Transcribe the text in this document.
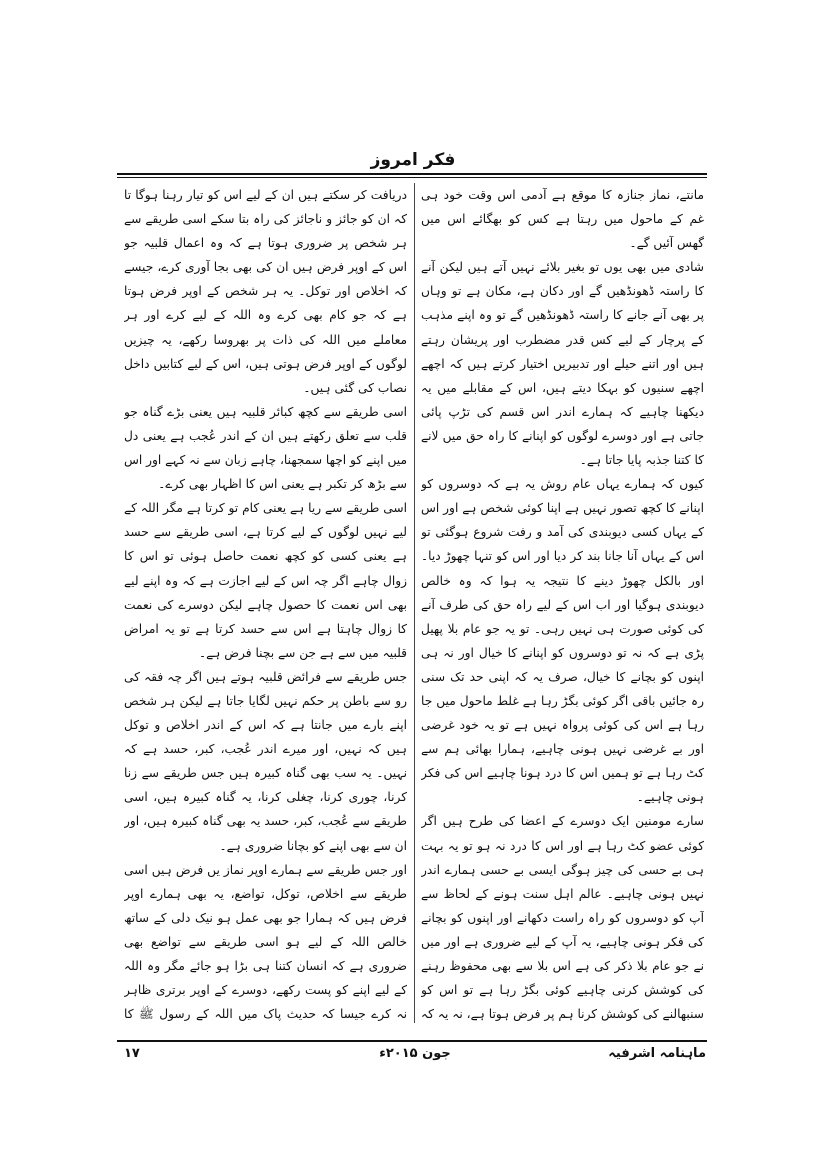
فکر امروز

مانتے، نماز جنازہ کا موقع ہے آدمی اس وقت خود ہی غم کے ماحول میں رہتا ہے کس کو بھگائے اس میں گھس آئیں گے۔

شادی میں بھی یوں تو بغیر بلائے نہیں آتے ہیں لیکن آنے کا راستہ ڈھونڈھیں گے اور دکان ہے، مکان ہے تو وہاں پر بھی آنے جانے کا راستہ ڈھونڈھیں گے تو وہ اپنے مذہب کے پرچار کے لیے کس قدر مضطرب اور پریشان رہتے ہیں اور اتنے حیلے اور تدبیریں اختیار کرتے ہیں کہ اچھے اچھے سنیوں کو بہکا دیتے ہیں، اس کے مقابلے میں یہ دیکھنا چاہیے کہ ہمارے اندر اس قسم کی تڑپ پائی جاتی ہے اور دوسرے لوگوں کو اپنانے کا راہ حق میں لانے کا کتنا جذبہ پایا جاتا ہے۔

کیوں کہ ہمارے یہاں عام روش یہ ہے کہ دوسروں کو اپنانے کا کچھ تصور نہیں ہے اپنا کوئی شخص ہے اور اس کے یہاں کسی دیوبندی کی آمد و رفت شروع ہوگئی تو اس کے یہاں آنا جانا بند کر دیا اور اس کو تنہا چھوڑ دیا۔ اور بالکل چھوڑ دینے کا نتیجہ یہ ہوا کہ وہ خالص دیوبندی ہوگیا اور اب اس کے لیے راہ حق کی طرف آنے کی کوئی صورت ہی نہیں رہی۔ تو یہ جو عام بلا پھیل پڑی ہے کہ نہ تو دوسروں کو اپنانے کا خیال اور نہ ہی اپنوں کو بچانے کا خیال، صرف یہ کہ اپنی حد تک سنی رہ جائیں باقی اگر کوئی بگڑ رہا ہے غلط ماحول میں جا رہا ہے اس کی کوئی پرواہ نہیں ہے تو یہ خود غرضی اور بے غرضی نہیں ہونی چاہیے، ہمارا بھائی ہم سے کٹ رہا ہے تو ہمیں اس کا درد ہونا چاہیے اس کی فکر ہونی چاہیے۔

سارے مومنین ایک دوسرے کے اعضا کی طرح ہیں اگر کوئی عضو کٹ رہا ہے اور اس کا درد نہ ہو تو یہ بہت ہی بے حسی کی چیز ہوگی ایسی بے حسی ہمارے اندر نہیں ہونی چاہیے۔ عالم اہل سنت ہونے کے لحاظ سے آپ کو دوسروں کو راہ راست دکھانے اور اپنوں کو بچانے کی فکر ہونی چاہیے، یہ آپ کے لیے ضروری ہے اور میں نے جو عام بلا ذکر کی ہے اس بلا سے بھی محفوظ رہنے کی کوشش کرنی چاہیے کوئی بگڑ رہا ہے تو اس کو سنبھالنے کی کوشش کرنا ہم پر فرض ہوتا ہے، نہ یہ کہ

دریافت کر سکتے ہیں ان کے لیے اس کو تیار رہنا ہوگا تا کہ ان کو جائز و ناجائز کی راہ بتا سکے اسی طریقے سے ہر شخص پر ضروری ہوتا ہے کہ وہ اعمال قلبیہ جو اس کے اوپر فرض ہیں ان کی بھی بجا آوری کرے، جیسے کہ اخلاص اور توکل۔ یہ ہر شخص کے اوپر فرض ہوتا ہے کہ جو کام بھی کرے وہ اللہ کے لیے کرے اور ہر معاملے میں اللہ کی ذات پر بھروسا رکھے، یہ چیزیں لوگوں کے اوپر فرض ہوتی ہیں، اس کے لیے کتابیں داخل نصاب کی گئی ہیں۔

اسی طریقے سے کچھ کبائر قلبیہ ہیں یعنی بڑے گناہ جو قلب سے تعلق رکھتے ہیں ان کے اندر عُجب ہے یعنی دل میں اپنے کو اچھا سمجھنا، چاہے زبان سے نہ کہے اور اس سے بڑھ کر تکبر ہے یعنی اس کا اظہار بھی کرے۔

اسی طریقے سے ریا ہے یعنی کام تو کرتا ہے مگر اللہ کے لیے نہیں لوگوں کے لیے کرتا ہے، اسی طریقے سے حسد ہے یعنی کسی کو کچھ نعمت حاصل ہوئی تو اس کا زوال چاہے اگر چہ اس کے لیے اجازت ہے کہ وہ اپنے لیے بھی اس نعمت کا حصول چاہے لیکن دوسرے کی نعمت کا زوال چاہتا ہے اس سے حسد کرتا ہے تو یہ امراض قلبیہ میں سے ہے جن سے بچنا فرض ہے۔

جس طریقے سے فرائض قلبیہ ہوتے ہیں اگر چہ فقہ کی رو سے باطن پر حکم نہیں لگایا جاتا ہے لیکن ہر شخص اپنے بارے میں جانتا ہے کہ اس کے اندر اخلاص و توکل ہیں کہ نہیں، اور میرے اندر عُجب، کبر، حسد ہے کہ نہیں۔ یہ سب بھی گناہ کبیرہ ہیں جس طریقے سے زنا کرنا، چوری کرنا، چغلی کرنا، یہ گناہ کبیرہ ہیں، اسی طریقے سے عُجب، کبر، حسد یہ بھی گناہ کبیرہ ہیں، اور ان سے بھی اپنے کو بچانا ضروری ہے۔

اور جس طریقے سے ہمارے اوپر نماز یں فرض ہیں اسی طریقے سے اخلاص، توکل، تواضع، یہ بھی ہمارے اوپر فرض ہیں کہ ہمارا جو بھی عمل ہو نیک دلی کے ساتھ خالص اللہ کے لیے ہو اسی طریقے سے تواضع بھی ضروری ہے کہ انسان کتنا ہی بڑا ہو جائے مگر وہ اللہ کے لیے اپنے کو پست رکھے، دوسرے کے اوپر برتری ظاہر نہ کرے جیسا کہ حدیث پاک میں اللہ کے رسول ﷺ کا

ماہنامہ اشرفیہ
جون ۲۰۱۵ء
۱۷
